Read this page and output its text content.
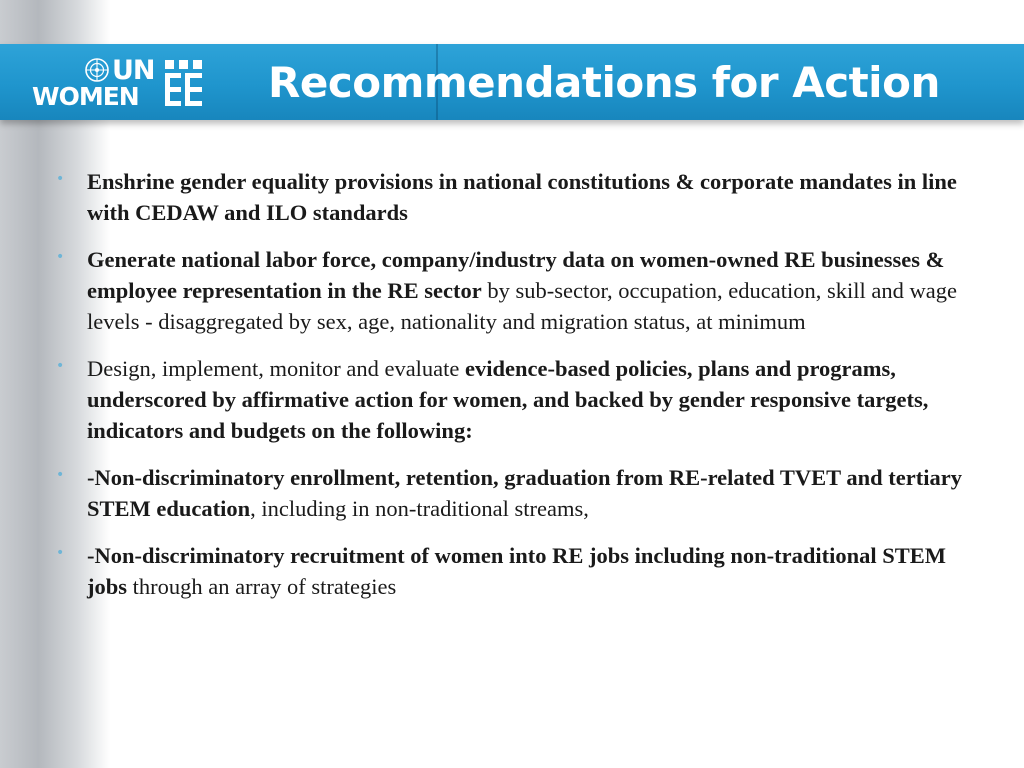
UN
WOMEN	Recommendations for Action
• Enshrine gender equality provisions in national constitutions & corporate mandates in line with CEDAW and ILO standards
• Generate national labor force, company/industry data on women-owned RE businesses & employee representation in the RE sector by sub-sector, occupation, education, skill and wage levels - disaggregated by sex, age, nationality and migration status, at minimum
• Design, implement, monitor and evaluate evidence-based policies, plans and programs, underscored by affirmative action for women, and backed by gender responsive targets, indicators and budgets on the following:
• -Non-discriminatory enrollment, retention, graduation from RE-related TVET and tertiary STEM education, including in non-traditional streams,
• -Non-discriminatory recruitment of women into RE jobs including non-traditional STEM jobs through an array of strategies
